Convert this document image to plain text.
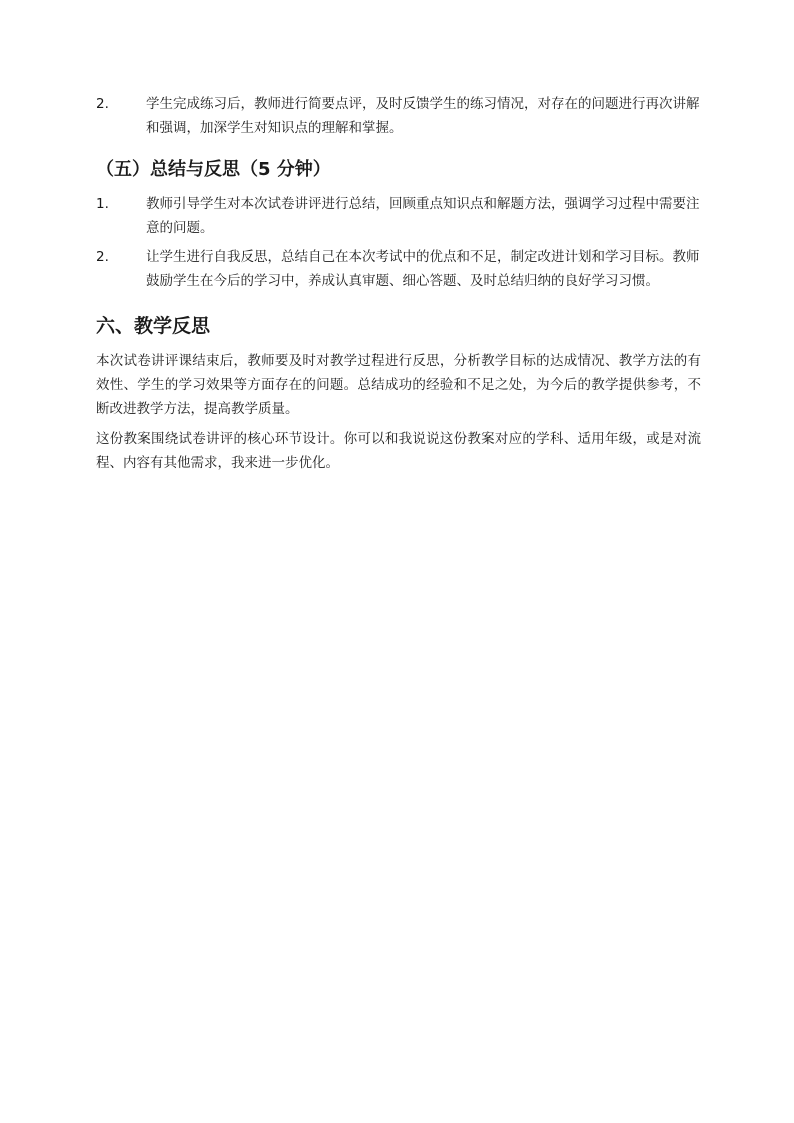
2.	学生完成练习后，教师进行简要点评，及时反馈学生的练习情况，对存在的问题进行再次讲解和强调，加深学生对知识点的理解和掌握。
（五）总结与反思（5 分钟）
1.	教师引导学生对本次试卷讲评进行总结，回顾重点知识点和解题方法，强调学习过程中需要注意的问题。
2.	让学生进行自我反思，总结自己在本次考试中的优点和不足，制定改进计划和学习目标。教师鼓励学生在今后的学习中，养成认真审题、细心答题、及时总结归纳的良好学习习惯。
六、教学反思

本次试卷讲评课结束后，教师要及时对教学过程进行反思，分析教学目标的达成情况、教学方法的有效性、学生的学习效果等方面存在的问题。总结成功的经验和不足之处，为今后的教学提供参考，不断改进教学方法，提高教学质量。

这份教案围绕试卷讲评的核心环节设计。你可以和我说说这份教案对应的学科、适用年级，或是对流程、内容有其他需求，我来进一步优化。
